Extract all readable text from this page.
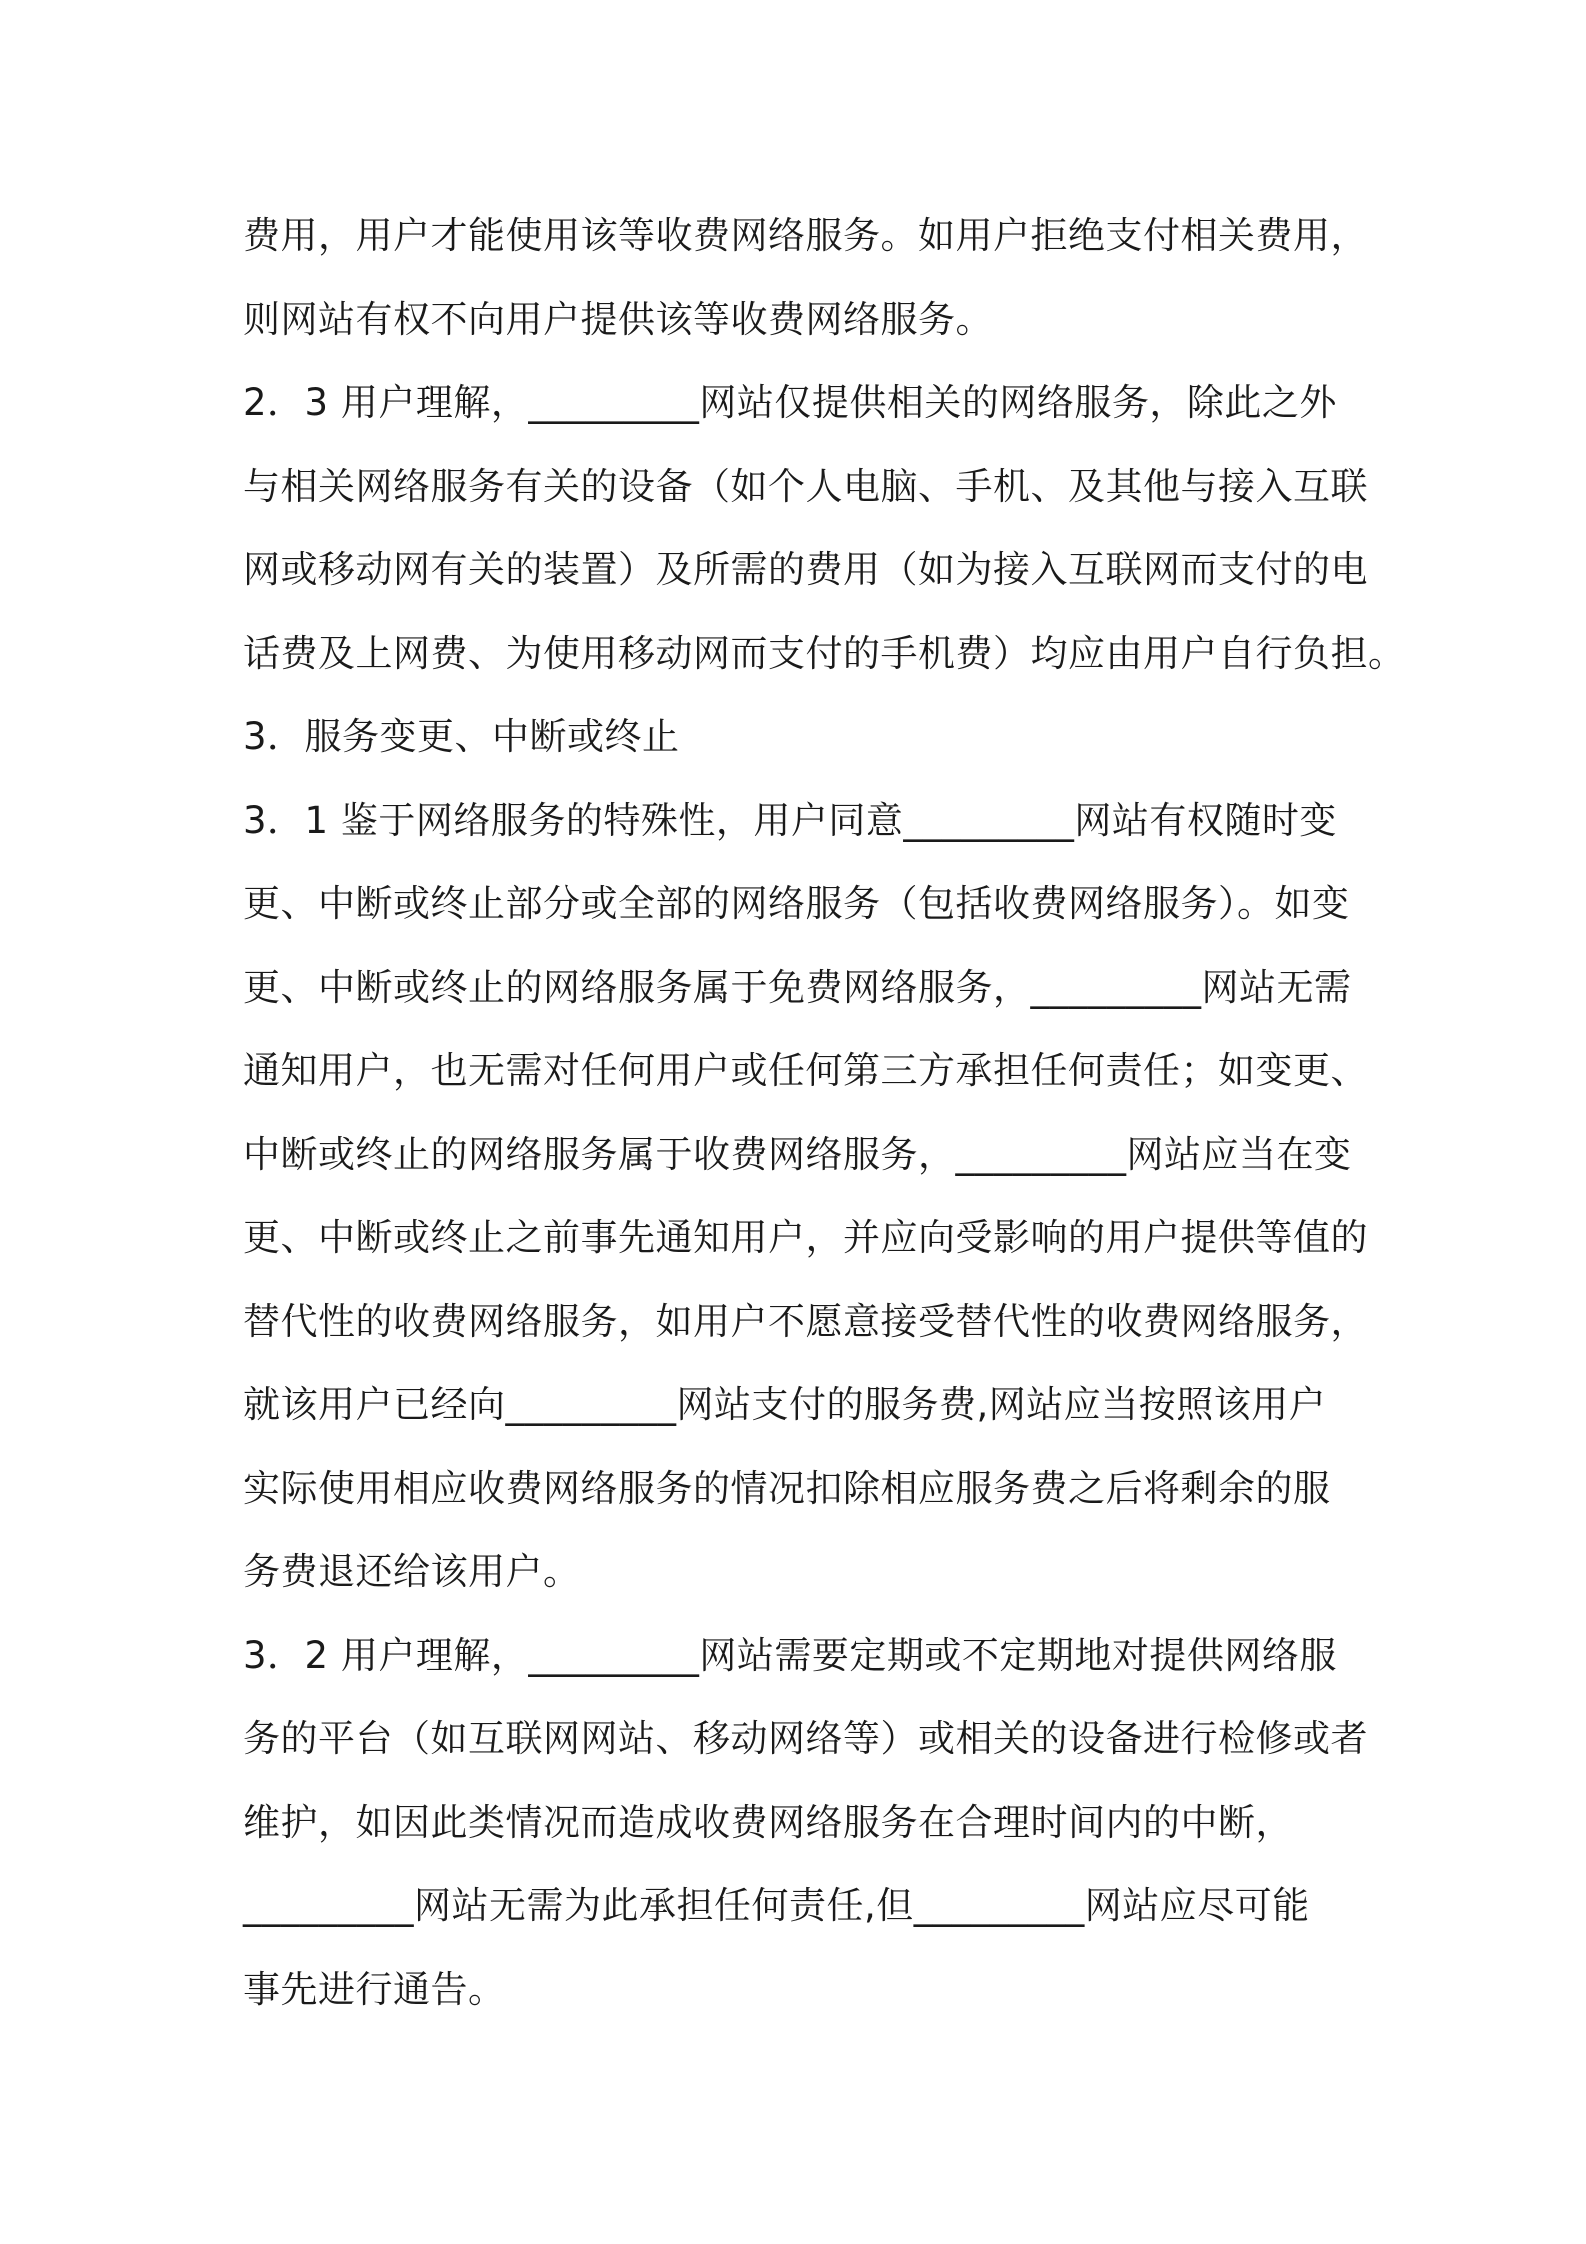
费用，用户才能使用该等收费网络服务。如用户拒绝支付相关费用，
则网站有权不向用户提供该等收费网络服务。
2．3 用户理解，_________网站仅提供相关的网络服务，除此之外
与相关网络服务有关的设备（如个人电脑、手机、及其他与接入互联
网或移动网有关的装置）及所需的费用（如为接入互联网而支付的电
话费及上网费、为使用移动网而支付的手机费）均应由用户自行负担。
3．服务变更、中断或终止
3．1 鉴于网络服务的特殊性，用户同意_________网站有权随时变
更、中断或终止部分或全部的网络服务（包括收费网络服务）。如变
更、中断或终止的网络服务属于免费网络服务，_________网站无需
通知用户，也无需对任何用户或任何第三方承担任何责任；如变更、
中断或终止的网络服务属于收费网络服务，_________网站应当在变
更、中断或终止之前事先通知用户，并应向受影响的用户提供等值的
替代性的收费网络服务，如用户不愿意接受替代性的收费网络服务，
就该用户已经向_________网站支付的服务费,网站应当按照该用户
实际使用相应收费网络服务的情况扣除相应服务费之后将剩余的服
务费退还给该用户。
3．2 用户理解，_________网站需要定期或不定期地对提供网络服
务的平台（如互联网网站、移动网络等）或相关的设备进行检修或者
维护，如因此类情况而造成收费网络服务在合理时间内的中断，
_________网站无需为此承担任何责任,但_________网站应尽可能
事先进行通告。
